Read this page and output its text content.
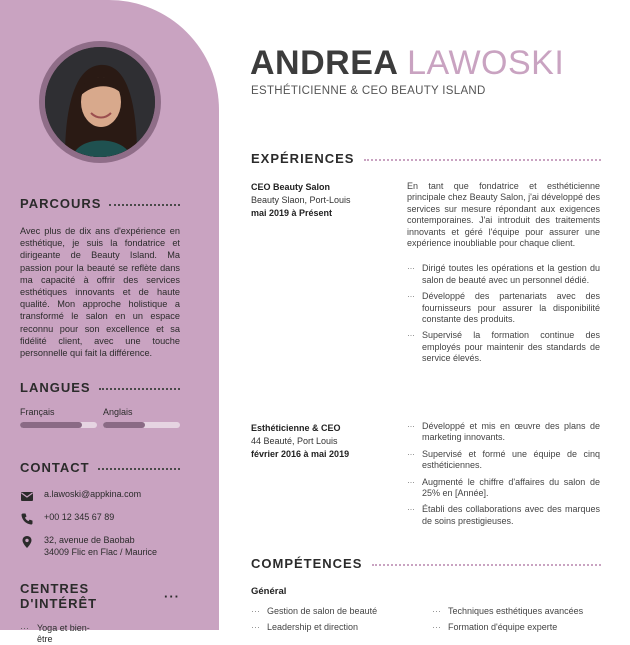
PARCOURS
Avec plus de dix ans d'expérience en esthétique, je suis la fondatrice et dirigeante de Beauty Island. Ma passion pour la beauté se reflète dans ma capacité à offrir des services esthétiques innovants et de haute qualité. Mon approche holistique a transformé le salon en un espace reconnu pour son excellence et sa fidélité client, avec une touche personnelle qui fait la différence.
LANGUES
Français	Anglais
CONTACT
a.lawoski@appkina.com
+00 12 345 67 89
32, avenue de Baobab
34009 Flic en Flac / Maurice
CENTRES D'INTÉRÊT	···
··· Yoga et bien-être
ANDREA LAWOSKI
ESTHÉTICIENNE & CEO BEAUTY ISLAND
EXPÉRIENCES
CEO Beauty Salon
Beauty Slaon, Port-Louis
mai 2019 à Présent
En tant que fondatrice et esthéticienne principale chez Beauty Salon, j'ai développé des services sur mesure répondant aux exigences contemporaines. J'ai introduit des traitements innovants et géré l'équipe pour assurer une expérience inoubliable pour chaque client.
··· Dirigé toutes les opérations et la gestion du salon de beauté avec un personnel dédié.
··· Développé des partenariats avec des fournisseurs pour assurer la disponibilité constante des produits.
··· Supervisé la formation continue des employés pour maintenir des standards de service élevés.
Esthéticienne & CEO
44 Beauté, Port Louis
février 2016 à mai 2019
··· Développé et mis en œuvre des plans de marketing innovants.
··· Supervisé et formé une équipe de cinq esthéticiennes.
··· Augmenté le chiffre d'affaires du salon de 25% en [Année].
··· Établi des collaborations avec des marques de soins prestigieuses.
COMPÉTENCES
Général
··· Gestion de salon de beauté	··· Techniques esthétiques avancées
··· Leadership et direction	··· Formation d'équipe experte
